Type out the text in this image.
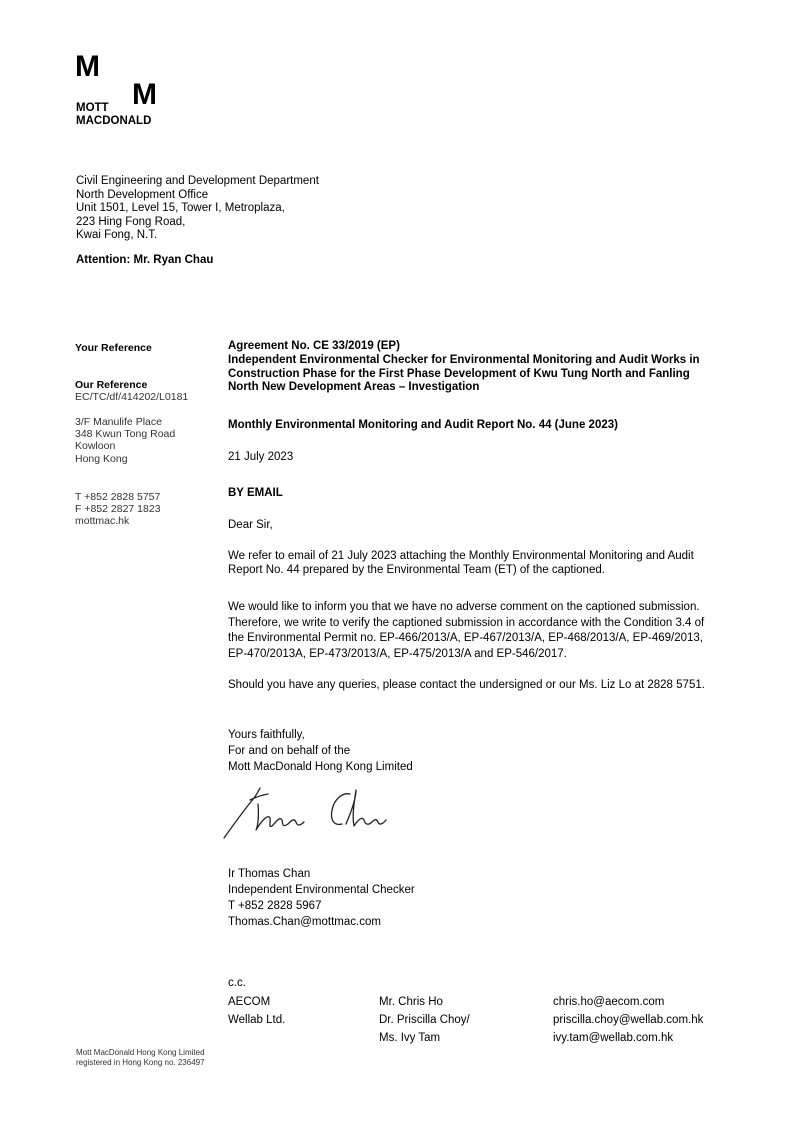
M
M
MOTT
MACDONALD
Civil Engineering and Development Department
North Development Office
Unit 1501, Level 15, Tower I, Metroplaza,
223 Hing Fong Road,
Kwai Fong, N.T.
Attention: Mr. Ryan Chau
Your Reference
Our Reference
EC/TC/df/414202/L0181
3/F Manulife Place
348 Kwun Tong Road
Kowloon
Hong Kong
T +852 2828 5757
F +852 2827 1823
mottmac.hk
Agreement No. CE 33/2019 (EP)
Independent Environmental Checker for Environmental Monitoring and Audit Works in
Construction Phase for the First Phase Development of Kwu Tung North and Fanling
North New Development Areas – Investigation
Monthly Environmental Monitoring and Audit Report No. 44 (June 2023)
21 July 2023
BY EMAIL
Dear Sir,
We refer to email of 21 July 2023 attaching the Monthly Environmental Monitoring and Audit
Report No. 44 prepared by the Environmental Team (ET) of the captioned.
We would like to inform you that we have no adverse comment on the captioned submission.
Therefore, we write to verify the captioned submission in accordance with the Condition 3.4 of
the Environmental Permit no. EP-466/2013/A, EP-467/2013/A, EP-468/2013/A, EP-469/2013,
EP-470/2013A, EP-473/2013/A, EP-475/2013/A and EP-546/2017.
Should you have any queries, please contact the undersigned or our Ms. Liz Lo at 2828 5751.
Yours faithfully,
For and on behalf of the
Mott MacDonald Hong Kong Limited
Ir Thomas Chan
Independent Environmental Checker
T +852 2828 5967
Thomas.Chan@mottmac.com
c.c.
AECOM
Wellab Ltd.
Mr. Chris Ho
Dr. Priscilla Choy/
Ms. Ivy Tam
chris.ho@aecom.com
priscilla.choy@wellab.com.hk
ivy.tam@wellab.com.hk
Mott MacDonald Hong Kong Limited
registered in Hong Kong no. 236497
